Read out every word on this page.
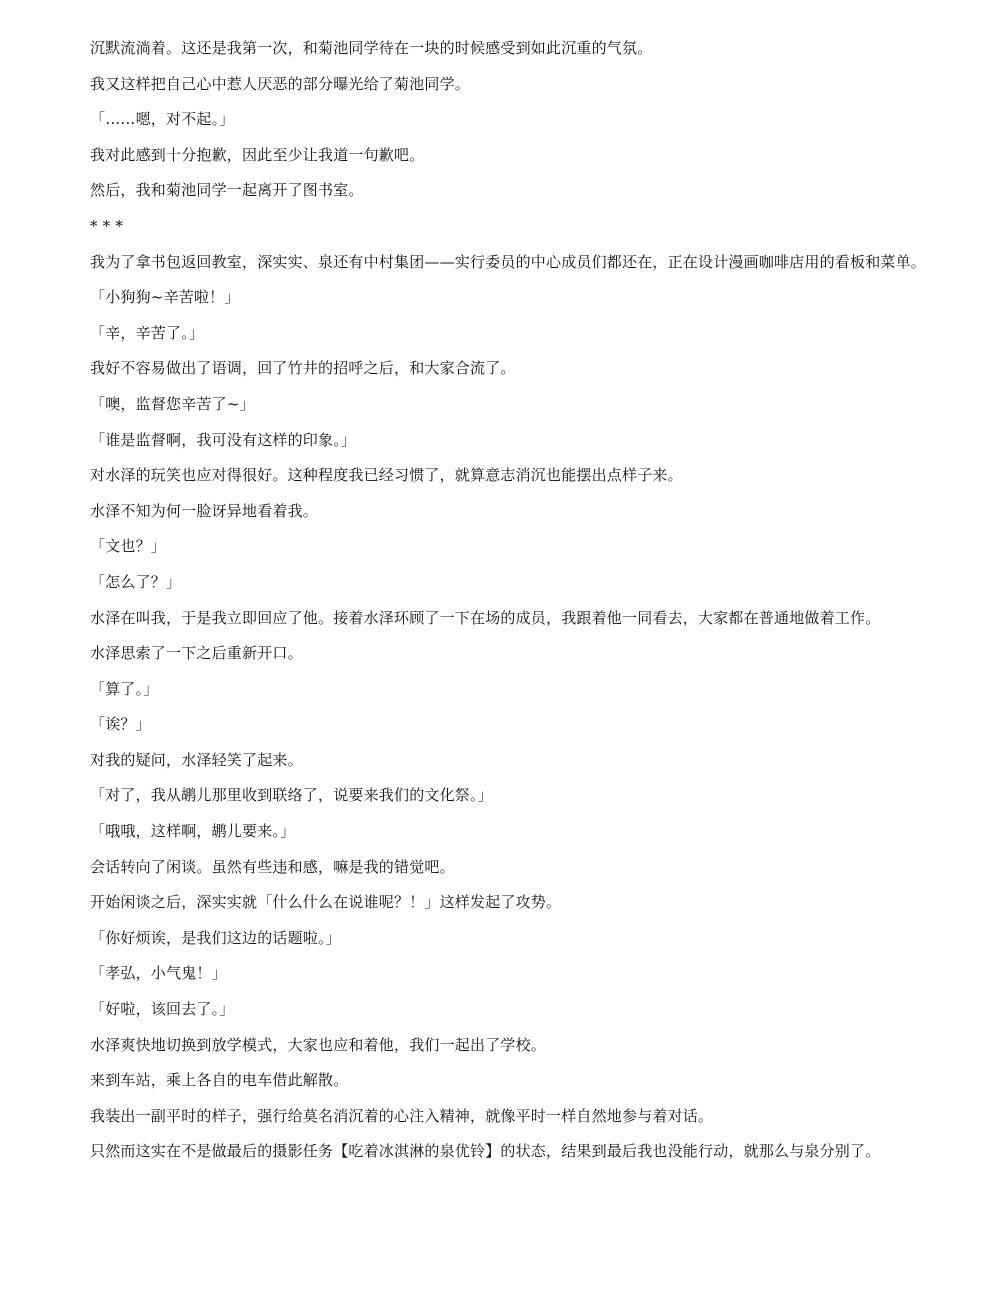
沉默流淌着。这还是我第一次，和菊池同学待在一块的时候感受到如此沉重的气氛。

我又这样把自己心中惹人厌恶的部分曝光给了菊池同学。

「……嗯，对不起。」

我对此感到十分抱歉，因此至少让我道一句歉吧。

然后，我和菊池同学一起离开了图书室。

* * *

我为了拿书包返回教室，深实实、泉还有中村集团——实行委员的中心成员们都还在，正在设计漫画咖啡店用的看板和菜单。

「小狗狗~辛苦啦！」

「辛，辛苦了。」

我好不容易做出了语调，回了竹井的招呼之后，和大家合流了。

「噢，监督您辛苦了~」

「谁是监督啊，我可没有这样的印象。」

对水泽的玩笑也应对得很好。这种程度我已经习惯了，就算意志消沉也能摆出点样子来。

水泽不知为何一脸讶异地看着我。

「文也？」

「怎么了？」

水泽在叫我，于是我立即回应了他。接着水泽环顾了一下在场的成员，我跟着他一同看去，大家都在普通地做着工作。

水泽思索了一下之后重新开口。

「算了。」

「诶？」

对我的疑问，水泽轻笑了起来。

「对了，我从鹕儿那里收到联络了，说要来我们的文化祭。」

「哦哦，这样啊，鹕儿要来。」

会话转向了闲谈。虽然有些违和感，嘛是我的错觉吧。

开始闲谈之后，深实实就「什么什么在说谁呢？！」这样发起了攻势。

「你好烦诶，是我们这边的话题啦。」

「孝弘，小气鬼！」

「好啦，该回去了。」

水泽爽快地切换到放学模式，大家也应和着他，我们一起出了学校。

来到车站，乘上各自的电车借此解散。

我装出一副平时的样子，强行给莫名消沉着的心注入精神，就像平时一样自然地参与着对话。

只然而这实在不是做最后的摄影任务【吃着冰淇淋的泉优铃】的状态，结果到最后我也没能行动，就那么与泉分别了。
